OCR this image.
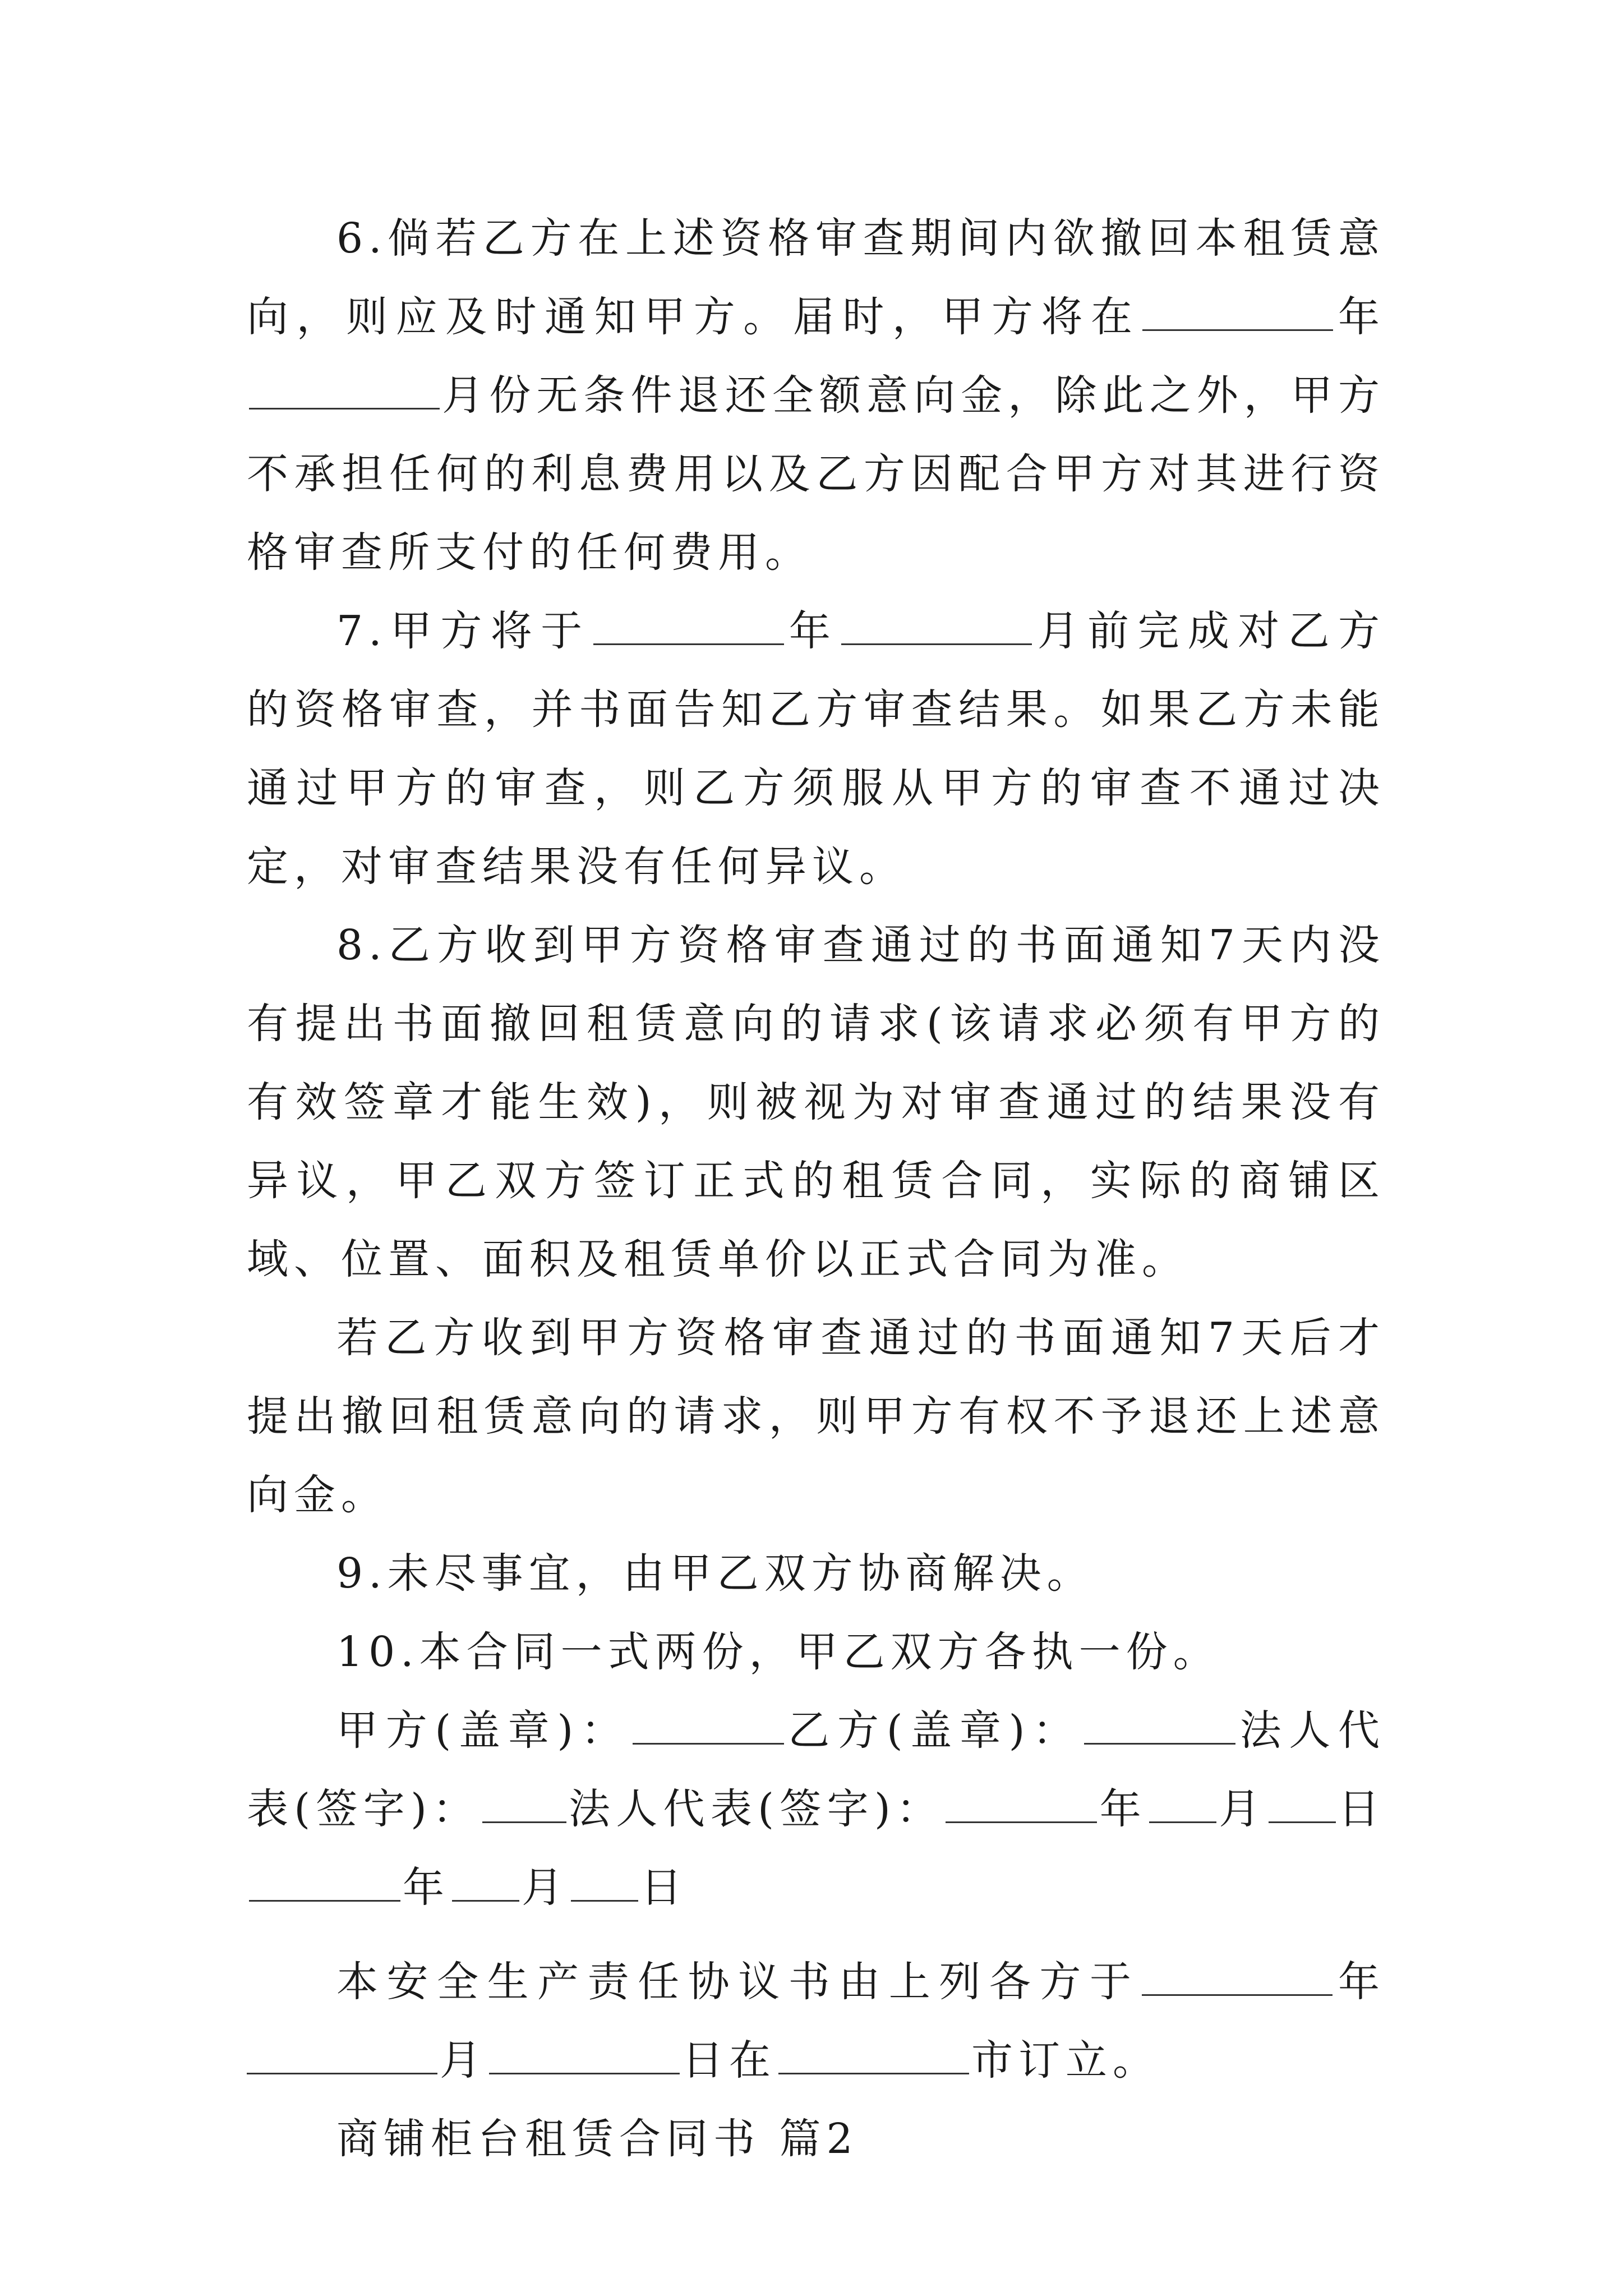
6.倘若乙方在上述资格审查期间内欲撤回本租赁意向，则应及时通知甲方。届时，甲方将在	年月份无条件退还全额意向金，除此之外，甲方不承担任何的利息费用以及乙方因配合甲方对其进行资格审查所支付的任何费用。

7.甲方将于	年	月前完成对乙方的资格审查，并书面告知乙方审查结果。如果乙方未能通过甲方的审查，则乙方须服从甲方的审查不通过决定，对审查结果没有任何异议。

8.乙方收到甲方资格审查通过的书面通知7天内没有提出书面撤回租赁意向的请求(该请求必须有甲方的有效签章才能生效)，则被视为对审查通过的结果没有异议，甲乙双方签订正式的租赁合同，实际的商铺区域、位置、面积及租赁单价以正式合同为准。

若乙方收到甲方资格审查通过的书面通知7天后才提出撤回租赁意向的请求，则甲方有权不予退还上述意向金。

9.未尽事宜，由甲乙双方协商解决。

10.本合同一式两份，甲乙双方各执一份。

甲方(盖章)：	乙方(盖章)：	法人代表(签字)： 法人代表(签字)：	年 月 日年 月 日

本安全生产责任协议书由上列各方于	年月	日在	市订立。

商铺柜台租赁合同书 篇2
